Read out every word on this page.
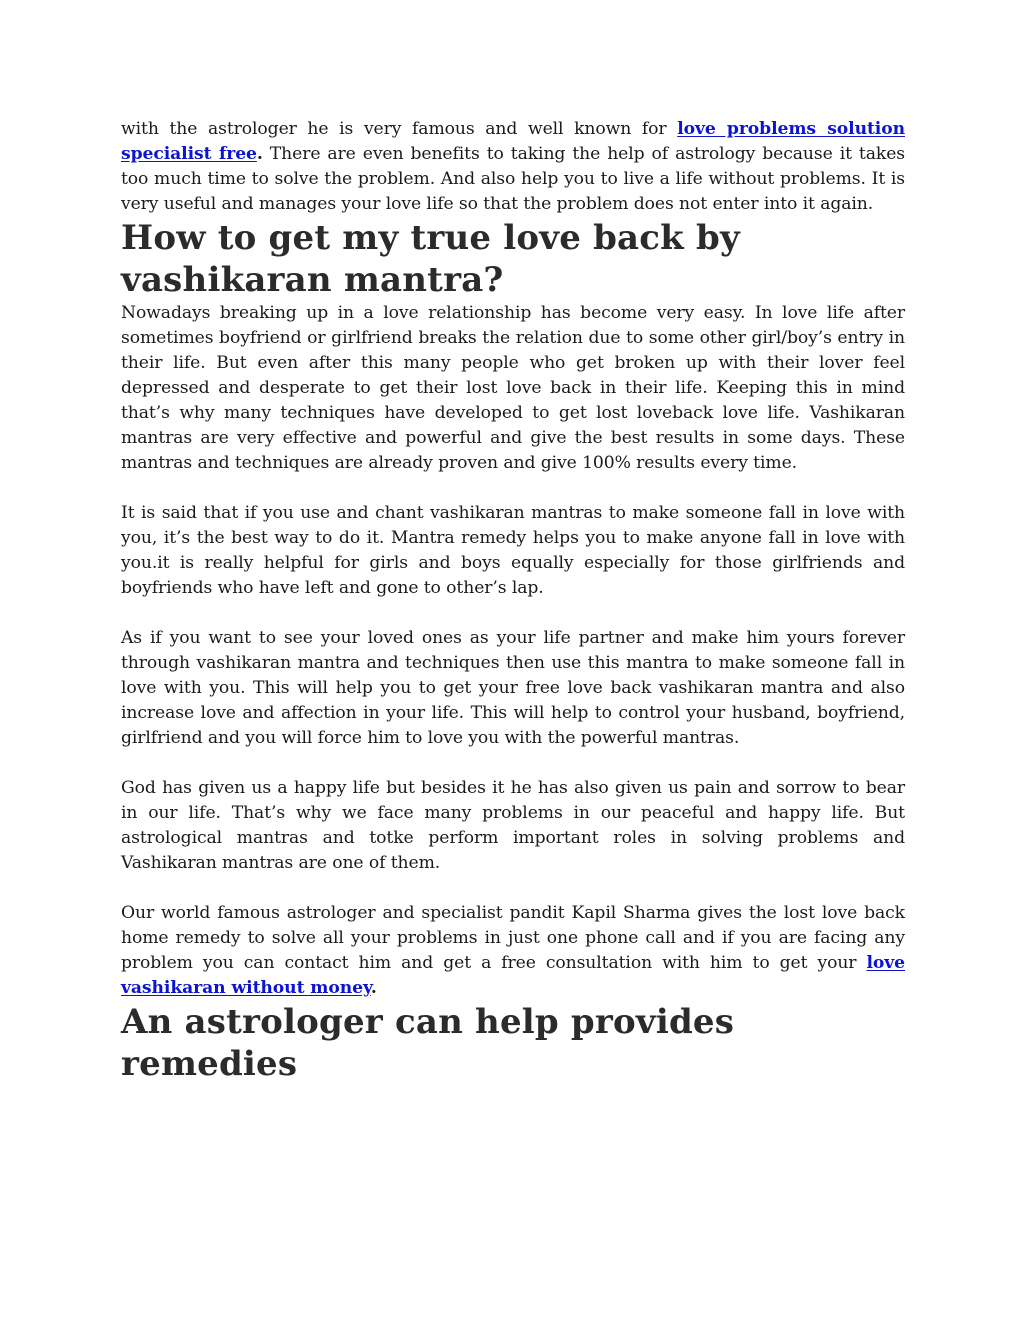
with the astrologer he is very famous and well known for love problems solution specialist free. There are even benefits to taking the help of astrology because it takes too much time to solve the problem. And also help you to live a life without problems. It is very useful and manages your love life so that the problem does not enter into it again.

How to get my true love back by vashikaran mantra?

Nowadays breaking up in a love relationship has become very easy. In love life after sometimes boyfriend or girlfriend breaks the relation due to some other girl/boy’s entry in their life. But even after this many people who get broken up with their lover feel depressed and desperate to get their lost love back in their life. Keeping this in mind that’s why many techniques have developed to get lost loveback love life. Vashikaran mantras are very effective and powerful and give the best results in some days. These mantras and techniques are already proven and give 100% results every time.

It is said that if you use and chant vashikaran mantras to make someone fall in love with you, it’s the best way to do it. Mantra remedy helps you to make anyone fall in love with you.it is really helpful for girls and boys equally especially for those girlfriends and boyfriends who have left and gone to other’s lap.

As if you want to see your loved ones as your life partner and make him yours forever through vashikaran mantra and techniques then use this mantra to make someone fall in love with you. This will help you to get your free love back vashikaran mantra and also increase love and affection in your life. This will help to control your husband, boyfriend, girlfriend and you will force him to love you with the powerful mantras.

God has given us a happy life but besides it he has also given us pain and sorrow to bear in our life. That’s why we face many problems in our peaceful and happy life. But astrological mantras and totke perform important roles in solving problems and Vashikaran mantras are one of them.

Our world famous astrologer and specialist pandit Kapil Sharma gives the lost love back home remedy to solve all your problems in just one phone call and if you are facing any problem you can contact him and get a free consultation with him to get your love vashikaran without money.

An astrologer can help provides remedies
